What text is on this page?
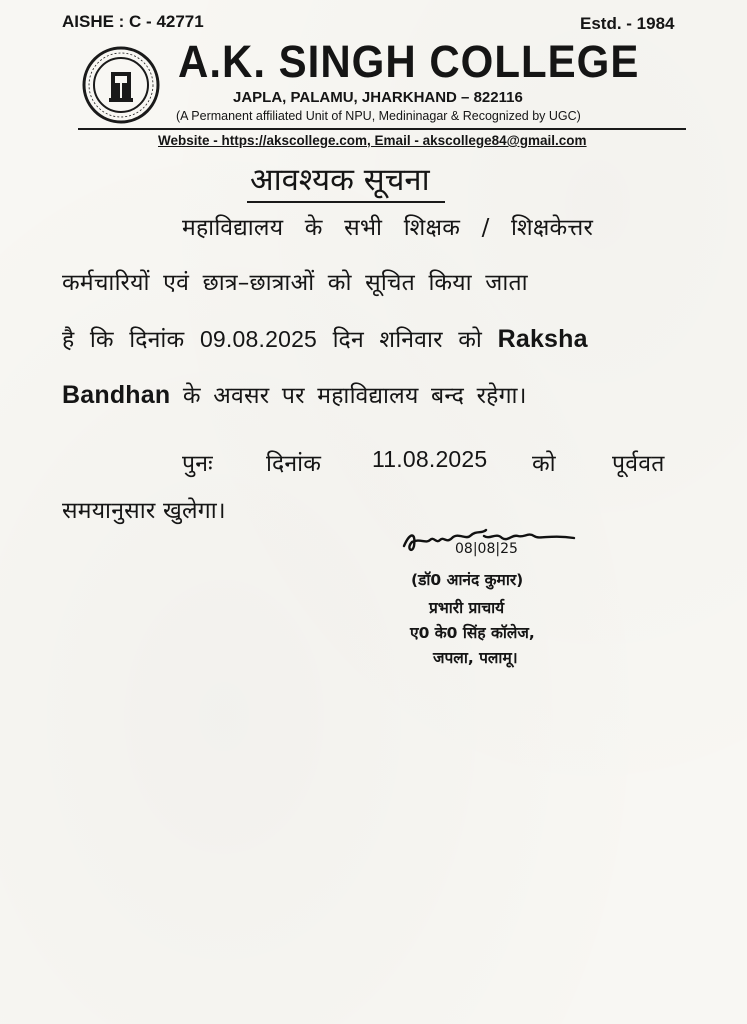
AISHE : C - 42771	Estd. - 1984
A.K. SINGH COLLEGE
JAPLA, PALAMU, JHARKHAND – 822116
(A Permanent affiliated Unit of NPU, Medininagar & Recognized by UGC)
Website - https://akscollege.com, Email - akscollege84@gmail.com
आवश्यक सूचना
महाविद्यालय के सभी शिक्षक / शिक्षकेत्तर
कर्मचारियों एवं छात्र–छात्राओं को सूचित किया जाता
है कि दिनांक 09.08.2025 दिन शनिवार को Raksha
Bandhan के अवसर पर महाविद्यालय बन्द रहेगा।
पुनः दिनांक 11.08.2025 को पूर्ववत
समयानुसार खुलेगा।
08|08|25
(डॉ0 आनंद कुमार)
प्रभारी प्राचार्य
ए0 के0 सिंह कॉलेज,
जपला, पलामू।
